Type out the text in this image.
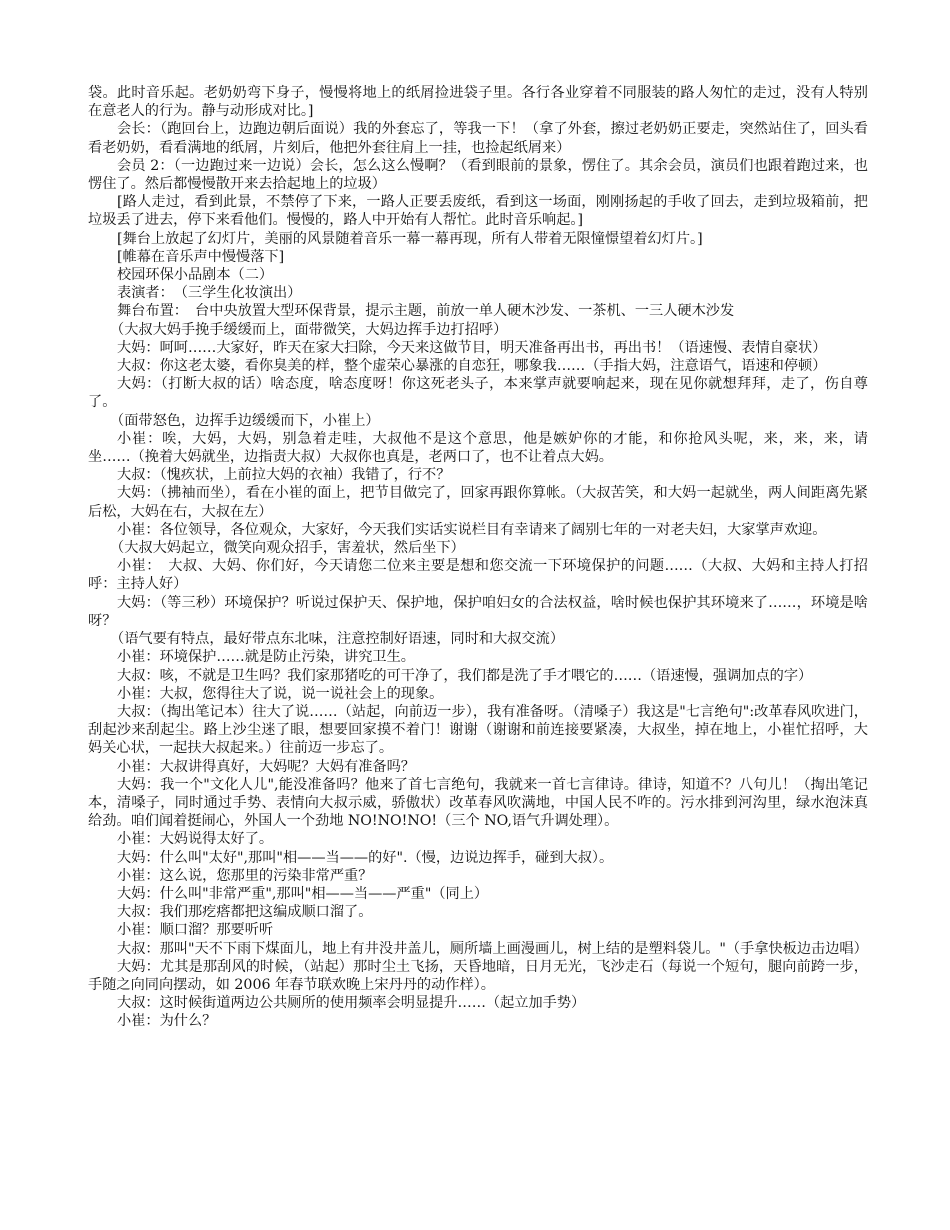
袋。此时音乐起。老奶奶弯下身子，慢慢将地上的纸屑捡进袋子里。各行各业穿着不同服装的路人匆忙的走过，没有人特别在意老人的行为。静与动形成对比。]

会长：（跑回台上，边跑边朝后面说）我的外套忘了，等我一下！（拿了外套，擦过老奶奶正要走，突然站住了，回头看看老奶奶，看看满地的纸屑，片刻后，他把外套往肩上一挂，也捡起纸屑来）

会员 2：（一边跑过来一边说）会长，怎么这么慢啊？（看到眼前的景象，愣住了。其余会员，演员们也跟着跑过来，也愣住了。然后都慢慢散开来去拾起地上的垃圾）

[路人走过，看到此景，不禁停了下来，一路人正要丢废纸，看到这一场面，刚刚扬起的手收了回去，走到垃圾箱前，把垃圾丢了进去，停下来看他们。慢慢的，路人中开始有人帮忙。此时音乐响起。]

[舞台上放起了幻灯片，美丽的风景随着音乐一幕一幕再现，所有人带着无限憧憬望着幻灯片。]

[帷幕在音乐声中慢慢落下]

校园环保小品剧本（二）

表演者：　（三学生化妆演出）

舞台布置：　台中央放置大型环保背景，提示主题，前放一单人硬木沙发、一茶机、一三人硬木沙发

（大叔大妈手挽手缓缓而上，面带微笑，大妈边挥手边打招呼）

大妈：呵呵……大家好，昨天在家大扫除，今天来这做节目，明天准备再出书，再出书！（语速慢、表情自豪状）

大叔：你这老太婆，看你臭美的样，整个虚荣心暴涨的自恋狂，哪象我……（手指大妈，注意语气，语速和停顿）

大妈：（打断大叔的话）啥态度，啥态度呀！你这死老头子，本来掌声就要响起来，现在见你就想拜拜，走了，伤自尊了。

（面带怒色，边挥手边缓缓而下，小崔上）

小崔：唉，大妈，大妈，别急着走哇，大叔他不是这个意思，他是嫉妒你的才能，和你抢风头呢，来，来，来，请坐……（挽着大妈就坐，边指责大叔）大叔你也真是，老两口了，也不让着点大妈。

大叔：（愧疚状，上前拉大妈的衣袖）我错了，行不？

大妈：（拂袖而坐），看在小崔的面上，把节目做完了，回家再跟你算帐。（大叔苦笑，和大妈一起就坐，两人间距离先紧后松，大妈在右，大叔在左）

小崔：各位领导，各位观众，大家好，今天我们实话实说栏目有幸请来了阔别七年的一对老夫妇，大家掌声欢迎。

（大叔大妈起立，微笑向观众招手，害羞状，然后坐下）

小崔：　大叔、大妈、你们好，今天请您二位来主要是想和您交流一下环境保护的问题……（大叔、大妈和主持人打招呼：主持人好）

大妈：（等三秒）环境保护？听说过保护天、保护地，保护咱妇女的合法权益，啥时候也保护其环境来了……，环境是啥呀？

（语气要有特点，最好带点东北味，注意控制好语速，同时和大叔交流）

小崔：环境保护……就是防止污染，讲究卫生。

大叔：咳，不就是卫生吗？我们家那猪吃的可干净了，我们都是洗了手才喂它的……（语速慢，强调加点的字）

小崔：大叔，您得往大了说，说一说社会上的现象。

大叔：（掏出笔记本）往大了说……（站起，向前迈一步），我有准备呀。（清嗓子）我这是"七言绝句":改革春风吹进门，刮起沙来刮起尘。路上沙尘迷了眼，想要回家摸不着门！谢谢（谢谢和前连接要紧凑，大叔坐，掉在地上，小崔忙招呼，大妈关心状，一起扶大叔起来。）往前迈一步忘了。

小崔：大叔讲得真好，大妈呢？大妈有准备吗？

大妈：我一个"文化人儿",能没准备吗？他来了首七言绝句，我就来一首七言律诗。律诗，知道不？八句儿！（掏出笔记本，清嗓子，同时通过手势、表情向大叔示威，骄傲状）改革春风吹满地，中国人民不咋的。污水排到河沟里，绿水泡沫真给劲。咱们闻着挺闹心，外国人一个劲地 NO!NO!NO!（三个 NO,语气升调处理）。

小崔：大妈说得太好了。

大妈：什么叫"太好",那叫"相——当——的好".（慢，边说边挥手，碰到大叔）。

小崔：这么说，您那里的污染非常严重？

大妈：什么叫"非常严重",那叫"相——当——严重"（同上）

大叔：我们那疙瘩都把这编成顺口溜了。

小崔：顺口溜？那要听听

大叔：那叫"天不下雨下煤面儿，地上有井没井盖儿，厕所墙上画漫画儿，树上结的是塑料袋儿。"（手拿快板边击边唱）

大妈：尤其是那刮风的时候，（站起）那时尘土飞扬，天昏地暗，日月无光，飞沙走石（每说一个短句，腿向前跨一步，手随之向同向摆动，如 2006 年春节联欢晚上宋丹丹的动作样）。

大叔：这时候街道两边公共厕所的使用频率会明显提升……（起立加手势）

小崔：为什么？
